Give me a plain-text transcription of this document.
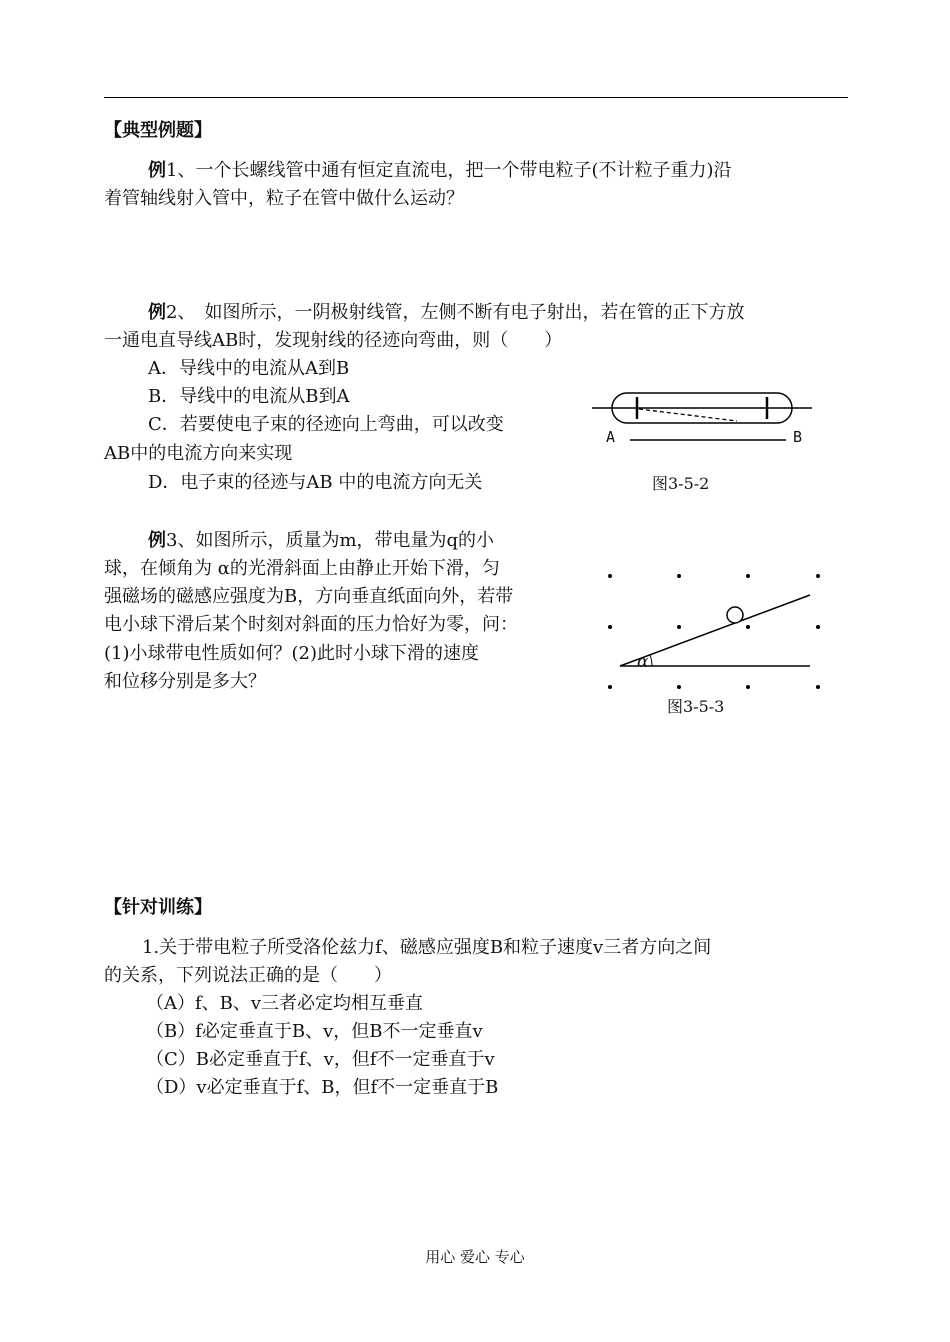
【典型例题】
例1、一个长螺线管中通有恒定直流电，把一个带电粒子(不计粒子重力)沿
着管轴线射入管中，粒子在管中做什么运动？
例2、　如图所示，一阴极射线管，左侧不断有电子射出，若在管的正下方放
一通电直导线AB时，发现射线的径迹向弯曲，则（　　）
A．导线中的电流从A到B
B．导线中的电流从B到A
C．若要使电子束的径迹向上弯曲，可以改变
AB中的电流方向来实现
D．电子束的径迹与AB 中的电流方向无关
A	B
图3-5-2
例3、如图所示，质量为m，带电量为q的小
球，在倾角为 α的光滑斜面上由静止开始下滑，匀
强磁场的磁感应强度为B，方向垂直纸面向外，若带
电小球下滑后某个时刻对斜面的压力恰好为零，问：
(1)小球带电性质如何？(2)此时小球下滑的速度
和位移分别是多大？
α
图3-5-3
【针对训练】
1.关于带电粒子所受洛伦兹力f、磁感应强度B和粒子速度v三者方向之间
的关系，下列说法正确的是（　　）
（A）f、B、v三者必定均相互垂直
（B）f必定垂直于B、v，但B不一定垂直v
（C）B必定垂直于f、v，但f不一定垂直于v
（D）v必定垂直于f、B，但f不一定垂直于B
用心 爱心 专心
